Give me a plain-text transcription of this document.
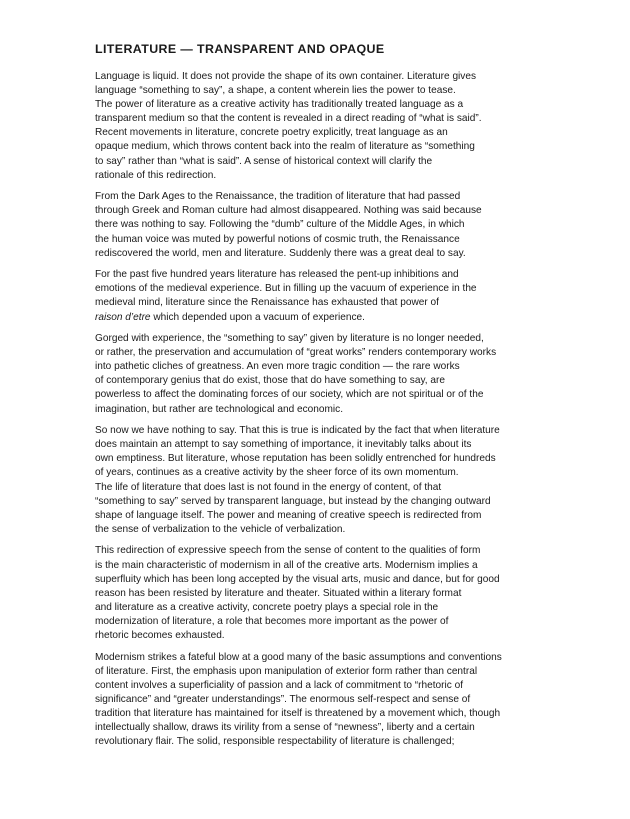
LITERATURE — TRANSPARENT AND OPAQUE

Language is liquid. It does not provide the shape of its own container. Literature gives
language “something to say”, a shape, a content wherein lies the power to tease.
The power of literature as a creative activity has traditionally treated language as a
transparent medium so that the content is revealed in a direct reading of “what is said”.
Recent movements in literature, concrete poetry explicitly, treat language as an
opaque medium, which throws content back into the realm of literature as “something
to say” rather than “what is said”. A sense of historical context will clarify the
rationale of this redirection.

From the Dark Ages to the Renaissance, the tradition of literature that had passed
through Greek and Roman culture had almost disappeared. Nothing was said because
there was nothing to say. Following the “dumb” culture of the Middle Ages, in which
the human voice was muted by powerful notions of cosmic truth, the Renaissance
rediscovered the world, men and literature. Suddenly there was a great deal to say.

For the past five hundred years literature has released the pent-up inhibitions and
emotions of the medieval experience. But in filling up the vacuum of experience in the
medieval mind, literature since the Renaissance has exhausted that power of
raison d’etre which depended upon a vacuum of experience.

Gorged with experience, the “something to say” given by literature is no longer needed,
or rather, the preservation and accumulation of “great works” renders contemporary works
into pathetic cliches of greatness. An even more tragic condition — the rare works
of contemporary genius that do exist, those that do have something to say, are
powerless to affect the dominating forces of our society, which are not spiritual or of the
imagination, but rather are technological and economic.

So now we have nothing to say. That this is true is indicated by the fact that when literature
does maintain an attempt to say something of importance, it inevitably talks about its
own emptiness. But literature, whose reputation has been solidly entrenched for hundreds
of years, continues as a creative activity by the sheer force of its own momentum.
The life of literature that does last is not found in the energy of content, of that
“something to say” served by transparent language, but instead by the changing outward
shape of language itself. The power and meaning of creative speech is redirected from
the sense of verbalization to the vehicle of verbalization.

This redirection of expressive speech from the sense of content to the qualities of form
is the main characteristic of modernism in all of the creative arts. Modernism implies a
superfluity which has been long accepted by the visual arts, music and dance, but for good
reason has been resisted by literature and theater. Situated within a literary format
and literature as a creative activity, concrete poetry plays a special role in the
modernization of literature, a role that becomes more important as the power of
rhetoric becomes exhausted.

Modernism strikes a fateful blow at a good many of the basic assumptions and conventions
of literature. First, the emphasis upon manipulation of exterior form rather than central
content involves a superficiality of passion and a lack of commitment to “rhetoric of
significance” and “greater understandings”. The enormous self-respect and sense of
tradition that literature has maintained for itself is threatened by a movement which, though
intellectually shallow, draws its virility from a sense of “newness”, liberty and a certain
revolutionary flair. The solid, responsible respectability of literature is challenged;
